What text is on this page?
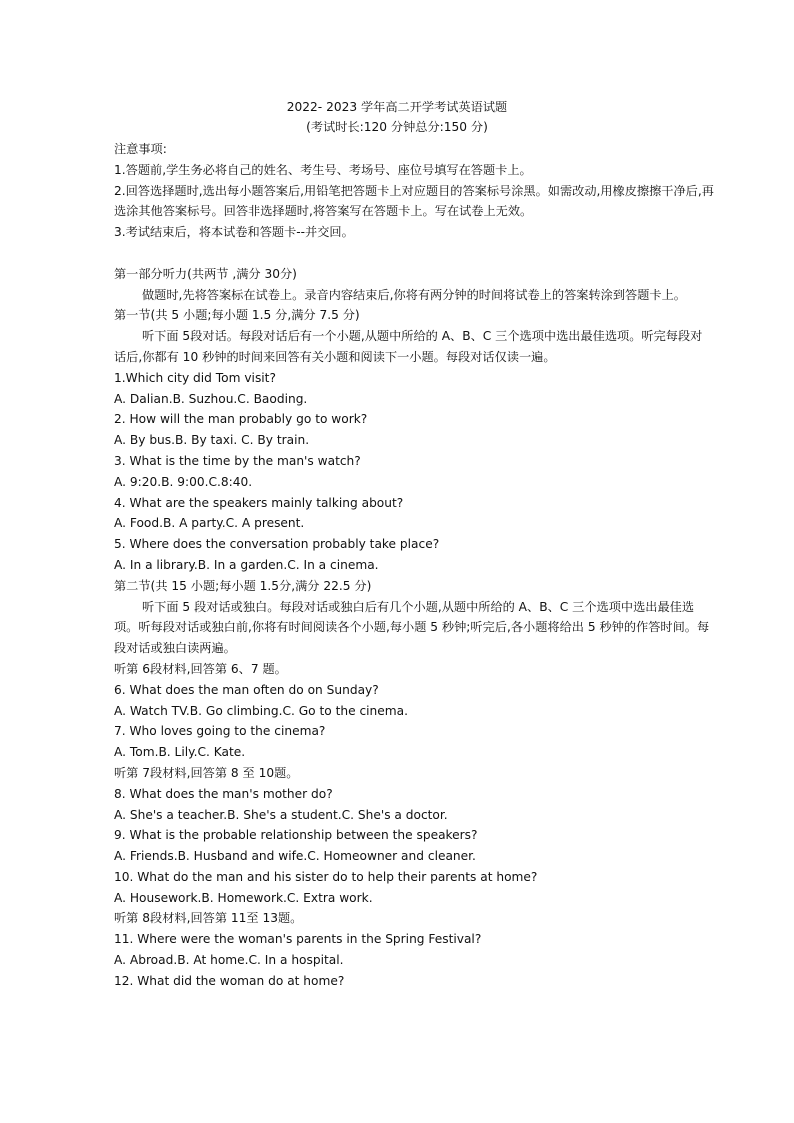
2022- 2023 学年高二开学考试英语试题
(考试时长:120 分钟总分:150 分)
注意事项:
1.答题前,学生务必将自己的姓名、考生号、考场号、座位号填写在答题卡上。
2.回答选择题时,选出每小题答案后,用铅笔把答题卡上对应题目的答案标号涂黑。如需改动,用橡皮擦擦干净后,再选涂其他答案标号。回答非选择题时,将答案写在答题卡上。写在试卷上无效。
3.考试结束后，将本试卷和答题卡--并交回。
第一部分听力(共两节 ,满分 30分)
做题时,先将答案标在试卷上。录音内容结束后,你将有两分钟的时间将试卷上的答案转涂到答题卡上。
第一节(共 5 小题;每小题 1.5 分,满分 7.5 分)
听下面 5段对话。每段对话后有一个小题,从题中所给的 A、B、C 三个选项中选出最佳选项。听完每段对话后,你都有 10 秒钟的时间来回答有关小题和阅读下一小题。每段对话仅读一遍。
1.Which city did Tom visit?
A. Dalian.B. Suzhou.C. Baoding.
2. How will the man probably go to work?
A. By bus.B. By taxi. C. By train.
3. What is the time by the man's watch?
A. 9:20.B. 9:00.C.8:40.
4. What are the speakers mainly talking about?
A. Food.B. A party.C. A present.
5. Where does the conversation probably take place?
A. In a library.B. In a garden.C. In a cinema.
第二节(共 15 小题;每小题 1.5分,满分 22.5 分)
听下面 5 段对话或独白。每段对话或独白后有几个小题,从题中所给的 A、B、C 三个选项中选出最佳选项。听每段对话或独白前,你将有时间阅读各个小题,每小题 5 秒钟;听完后,各小题将给出 5 秒钟的作答时间。每段对话或独白读两遍。
听第 6段材料,回答第 6、7 题。
6. What does the man often do on Sunday?
A. Watch TV.B. Go climbing.C. Go to the cinema.
7. Who loves going to the cinema?
A. Tom.B. Lily.C. Kate.
听第 7段材料,回答第 8 至 10题。
8. What does the man's mother do?
A. She's a teacher.B. She's a student.C. She's a doctor.
9. What is the probable relationship between the speakers?
A. Friends.B. Husband and wife.C. Homeowner and cleaner.
10. What do the man and his sister do to help their parents at home?
A. Housework.B. Homework.C. Extra work.
听第 8段材料,回答第 11至 13题。
11. Where were the woman's parents in the Spring Festival?
A. Abroad.B. At home.C. In a hospital.
12. What did the woman do at home?
